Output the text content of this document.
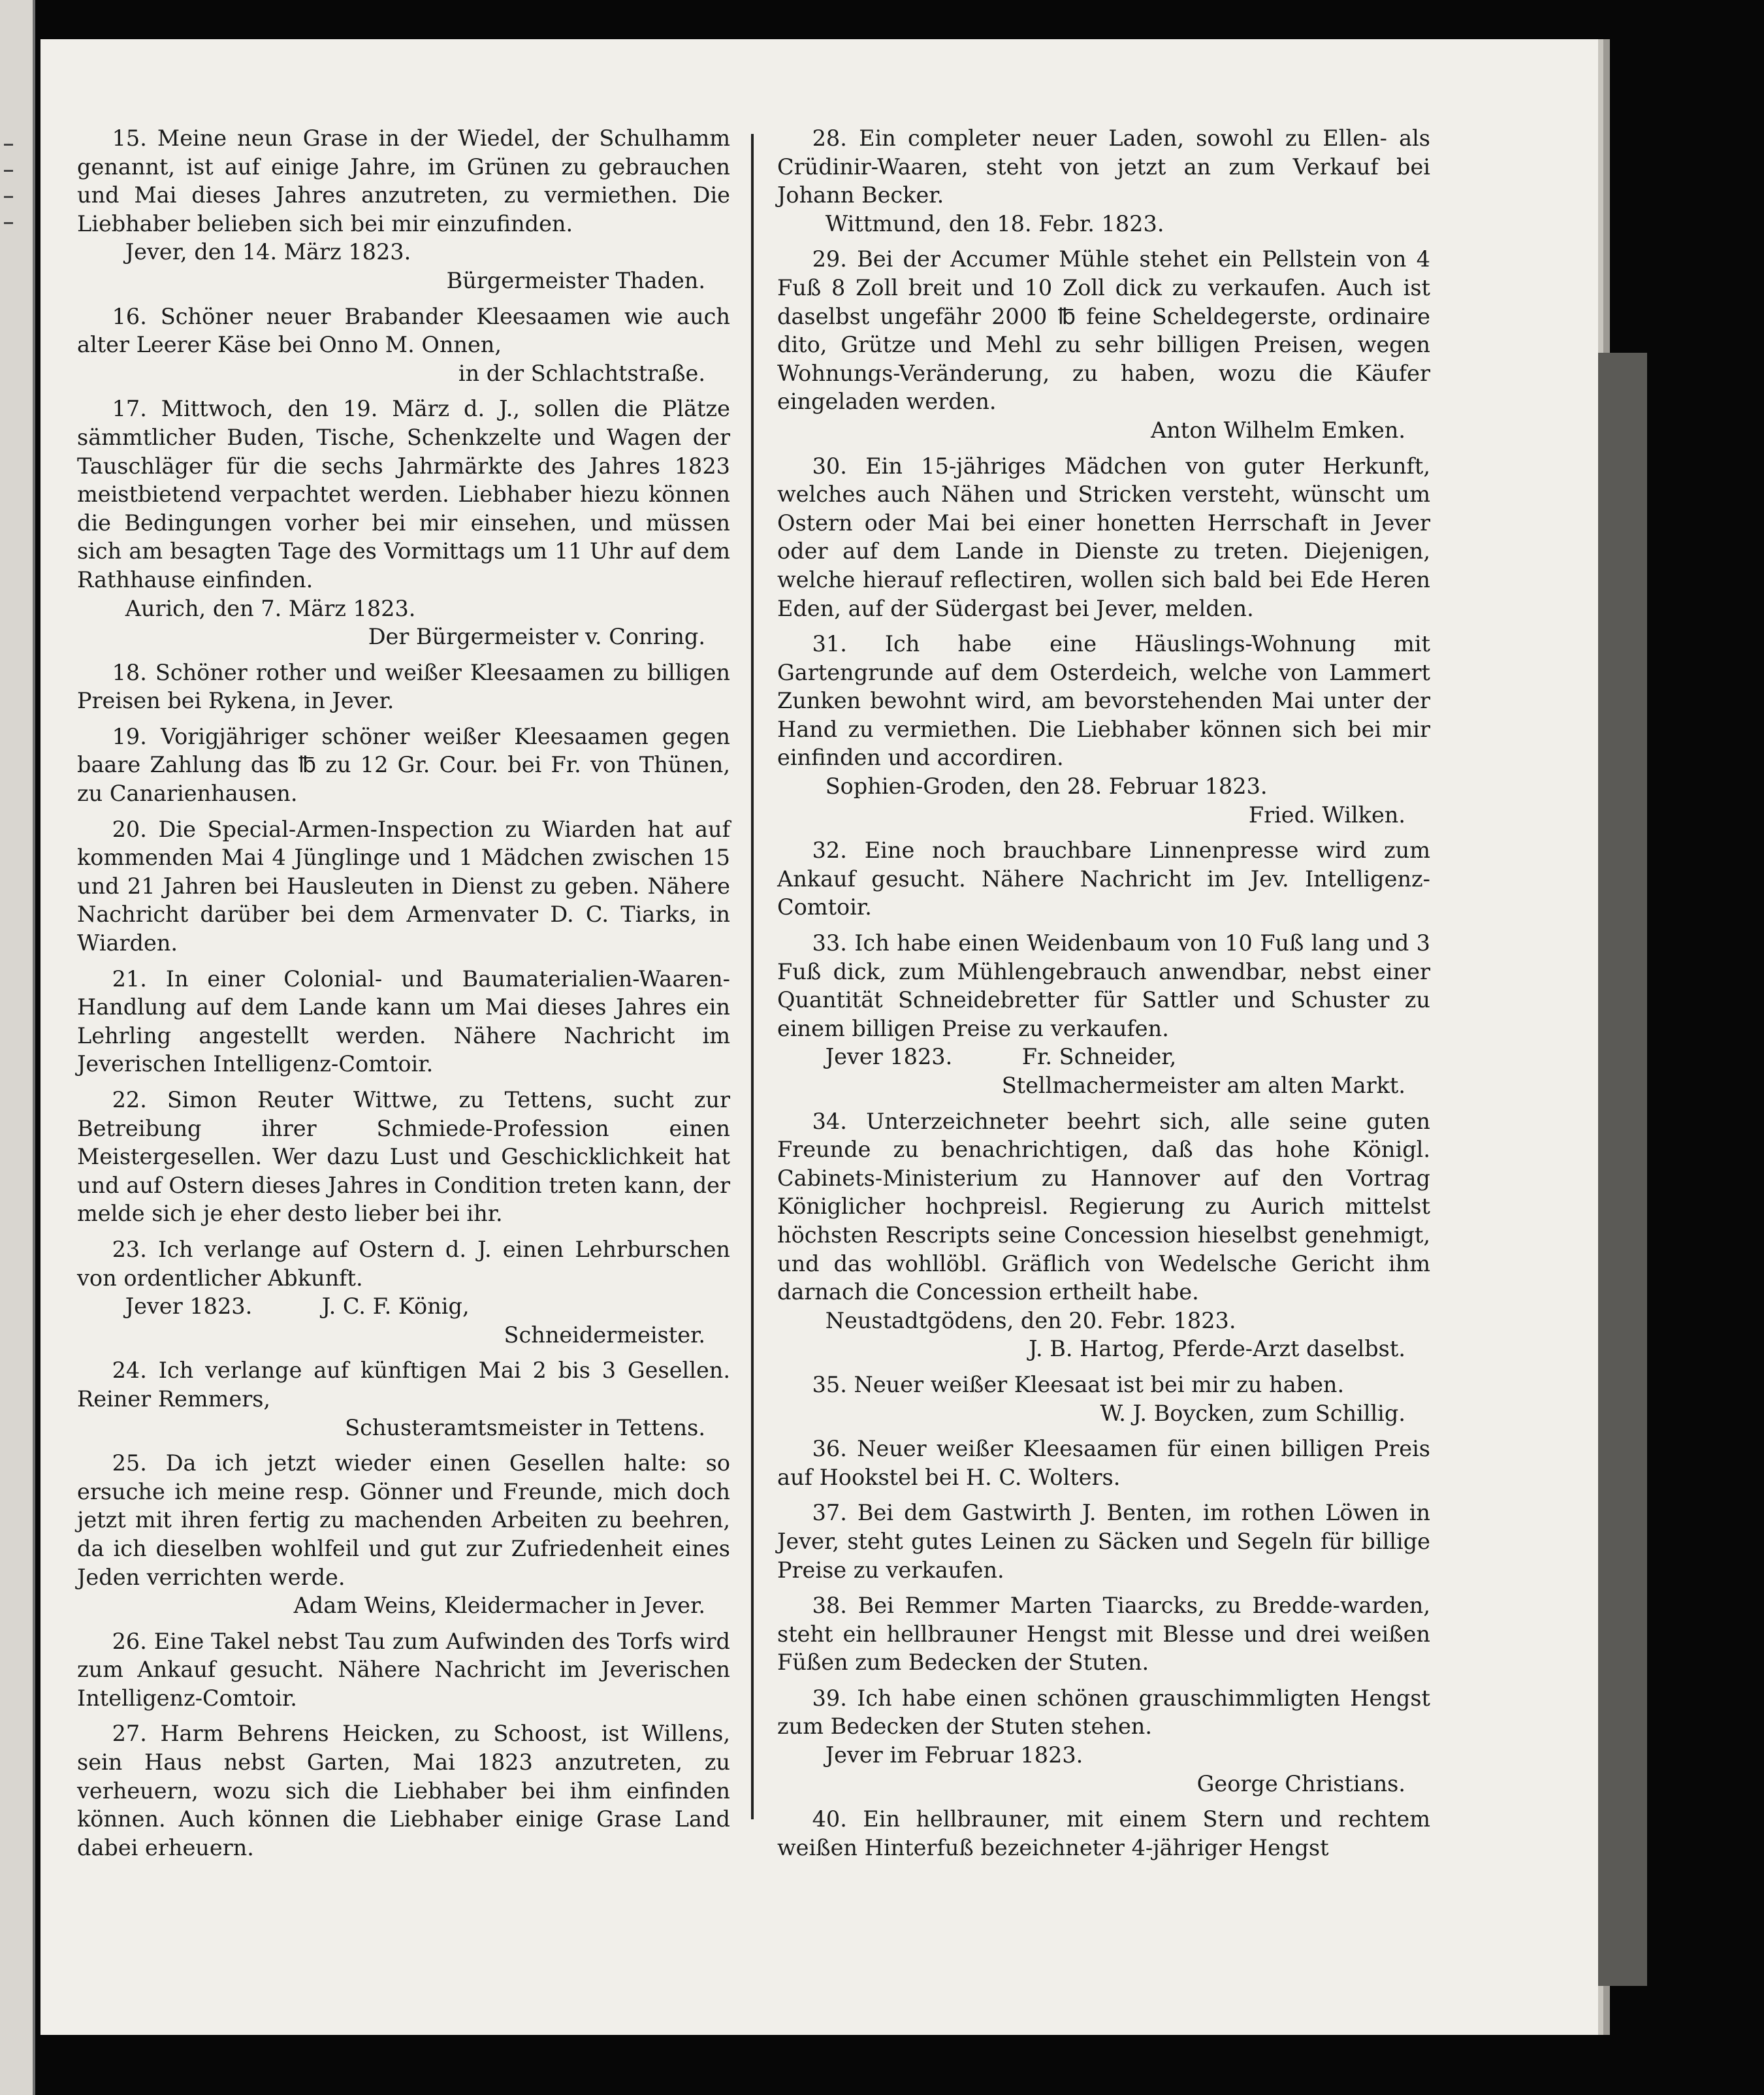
15. Meine neun Grase in der Wiedel, der Schulhamm genannt, ist auf einige Jahre, im Grünen zu gebrauchen und Mai dieses Jahres anzutreten, zu vermiethen. Die Liebhaber belieben sich bei mir einzufinden.

Jever, den 14. März 1823.
Bürgermeister Thaden.

16. Schöner neuer Brabander Kleesaamen wie auch alter Leerer Käse bei Onno M. Onnen,

in der Schlachtstraße.

17. Mittwoch, den 19. März d. J., sollen die Plätze sämmtlicher Buden, Tische, Schenkzelte und Wagen der Tauschläger für die sechs Jahrmärkte des Jahres 1823 meistbietend verpachtet werden. Liebhaber hiezu können die Bedingungen vorher bei mir einsehen, und müssen sich am besagten Tage des Vormittags um 11 Uhr auf dem Rathhause einfinden.

Aurich, den 7. März 1823.
Der Bürgermeister v. Conring.

18. Schöner rother und weißer Kleesaamen zu billigen Preisen bei Rykena, in Jever.

19. Vorigjähriger schöner weißer Kleesaamen gegen baare Zahlung das ℔ zu 12 Gr. Cour. bei Fr. von Thünen, zu Canarienhausen.

20. Die Special-Armen-Inspection zu Wiarden hat auf kommenden Mai 4 Jünglinge und 1 Mädchen zwischen 15 und 21 Jahren bei Hausleuten in Dienst zu geben. Nähere Nachricht darüber bei dem Armenvater D. C. Tiarks, in Wiarden.

21. In einer Colonial- und Baumaterialien-Waaren-Handlung auf dem Lande kann um Mai dieses Jahres ein Lehrling angestellt werden. Nähere Nachricht im Jeverischen Intelligenz-Comtoir.

22. Simon Reuter Wittwe, zu Tettens, sucht zur Betreibung ihrer Schmiede-Profession einen Meistergesellen. Wer dazu Lust und Geschicklichkeit hat und auf Ostern dieses Jahres in Condition treten kann, der melde sich je eher desto lieber bei ihr.

23. Ich verlange auf Ostern d. J. einen Lehrburschen von ordentlicher Abkunft.

Jever 1823.          J. C. F. König,
Schneidermeister.

24. Ich verlange auf künftigen Mai 2 bis 3 Gesellen. Reiner Remmers,

Schusteramtsmeister in Tettens.

25. Da ich jetzt wieder einen Gesellen halte: so ersuche ich meine resp. Gönner und Freunde, mich doch jetzt mit ihren fertig zu machenden Arbeiten zu beehren, da ich dieselben wohlfeil und gut zur Zufriedenheit eines Jeden verrichten werde.

Adam Weins, Kleidermacher in Jever.

26. Eine Takel nebst Tau zum Aufwinden des Torfs wird zum Ankauf gesucht. Nähere Nachricht im Jeverischen Intelligenz-Comtoir.

27. Harm Behrens Heicken, zu Schoost, ist Willens, sein Haus nebst Garten, Mai 1823 anzutreten, zu verheuern, wozu sich die Liebhaber bei ihm einfinden können. Auch können die Liebhaber einige Grase Land dabei erheuern.

28. Ein completer neuer Laden, sowohl zu Ellen- als Crüdinir-Waaren, steht von jetzt an zum Verkauf bei Johann Becker.

Wittmund, den 18. Febr. 1823.

29. Bei der Accumer Mühle stehet ein Pellstein von 4 Fuß 8 Zoll breit und 10 Zoll dick zu verkaufen. Auch ist daselbst ungefähr 2000 ℔ feine Scheldegerste, ordinaire dito, Grütze und Mehl zu sehr billigen Preisen, wegen Wohnungs-Veränderung, zu haben, wozu die Käufer eingeladen werden.

Anton Wilhelm Emken.

30. Ein 15-jähriges Mädchen von guter Herkunft, welches auch Nähen und Stricken versteht, wünscht um Ostern oder Mai bei einer honetten Herrschaft in Jever oder auf dem Lande in Dienste zu treten. Diejenigen, welche hierauf reflectiren, wollen sich bald bei Ede Heren Eden, auf der Südergast bei Jever, melden.

31. Ich habe eine Häuslings-Wohnung mit Gartengrunde auf dem Osterdeich, welche von Lammert Zunken bewohnt wird, am bevorstehenden Mai unter der Hand zu vermiethen. Die Liebhaber können sich bei mir einfinden und accordiren.

Sophien-Groden, den 28. Februar 1823.
Fried. Wilken.

32. Eine noch brauchbare Linnenpresse wird zum Ankauf gesucht. Nähere Nachricht im Jev. Intelligenz-Comtoir.

33. Ich habe einen Weidenbaum von 10 Fuß lang und 3 Fuß dick, zum Mühlengebrauch anwendbar, nebst einer Quantität Schneidebretter für Sattler und Schuster zu einem billigen Preise zu verkaufen.

Jever 1823.          Fr. Schneider,
Stellmachermeister am alten Markt.

34. Unterzeichneter beehrt sich, alle seine guten Freunde zu benachrichtigen, daß das hohe Königl. Cabinets-Ministerium zu Hannover auf den Vortrag Königlicher hochpreisl. Regierung zu Aurich mittelst höchsten Rescripts seine Concession hieselbst genehmigt, und das wohllöbl. Gräflich von Wedelsche Gericht ihm darnach die Concession ertheilt habe.

Neustadtgödens, den 20. Febr. 1823.
J. B. Hartog, Pferde-Arzt daselbst.

35. Neuer weißer Kleesaat ist bei mir zu haben.

W. J. Boycken, zum Schillig.

36. Neuer weißer Kleesaamen für einen billigen Preis auf Hookstel bei H. C. Wolters.

37. Bei dem Gastwirth J. Benten, im rothen Löwen in Jever, steht gutes Leinen zu Säcken und Segeln für billige Preise zu verkaufen.

38. Bei Remmer Marten Tiaarcks, zu Bredde-warden, steht ein hellbrauner Hengst mit Blesse und drei weißen Füßen zum Bedecken der Stuten.

39. Ich habe einen schönen grauschimmligten Hengst zum Bedecken der Stuten stehen.

Jever im Februar 1823.
George Christians.

40. Ein hellbrauner, mit einem Stern und rechtem weißen Hinterfuß bezeichneter 4-jähriger Hengst
